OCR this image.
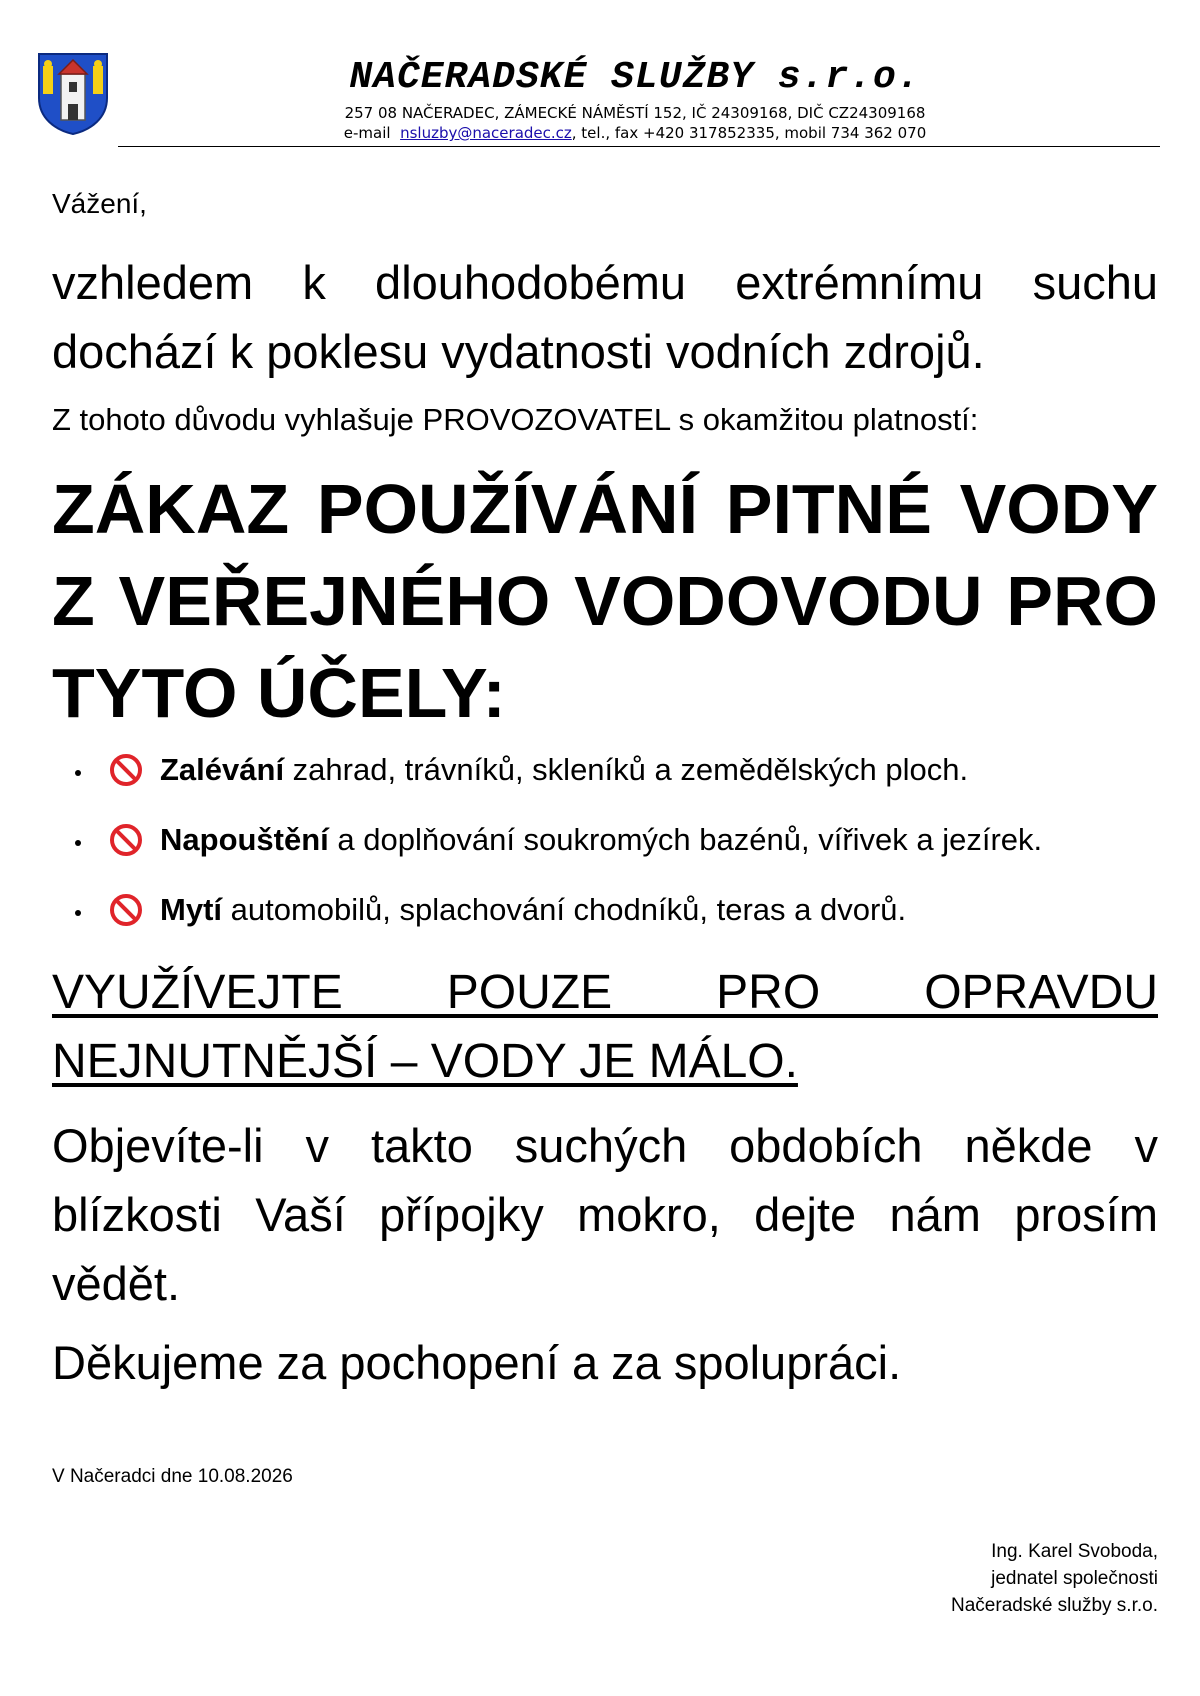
NAČERADSKÉ SLUŽBY s.r.o.
257 08 NAČERADEC, ZÁMECKÉ NÁMĚSTÍ 152, IČ 24309168, DIČ CZ24309168
e-mail nsluzby@naceradec.cz, tel., fax +420 317852335, mobil 734 362 070
Vážení,
vzhledem k dlouhodobému extrémnímu suchu dochází k poklesu vydatnosti vodních zdrojů.
Z tohoto důvodu vyhlašuje PROVOZOVATEL s okamžitou platností:
ZÁKAZ POUŽÍVÁNÍ PITNÉ VODY Z VEŘEJNÉHO VODOVODU PRO TYTO ÚČELY:
Zalévání zahrad, trávníků, skleníků a zemědělských ploch.
Napouštění a doplňování soukromých bazénů, vířivek a jezírek.
Mytí automobilů, splachování chodníků, teras a dvorů.
VYUŽÍVEJTE POUZE PRO OPRAVDU NEJNUTNĚJŠÍ – VODY JE MÁLO.
Objevíte-li v takto suchých obdobích někde v blízkosti Vaší přípojky mokro, dejte nám prosím vědět.
Děkujeme za pochopení a za spolupráci.
V Načeradci dne 10.08.2026
Ing. Karel Svoboda,
jednatel společnosti
Načeradské služby s.r.o.
